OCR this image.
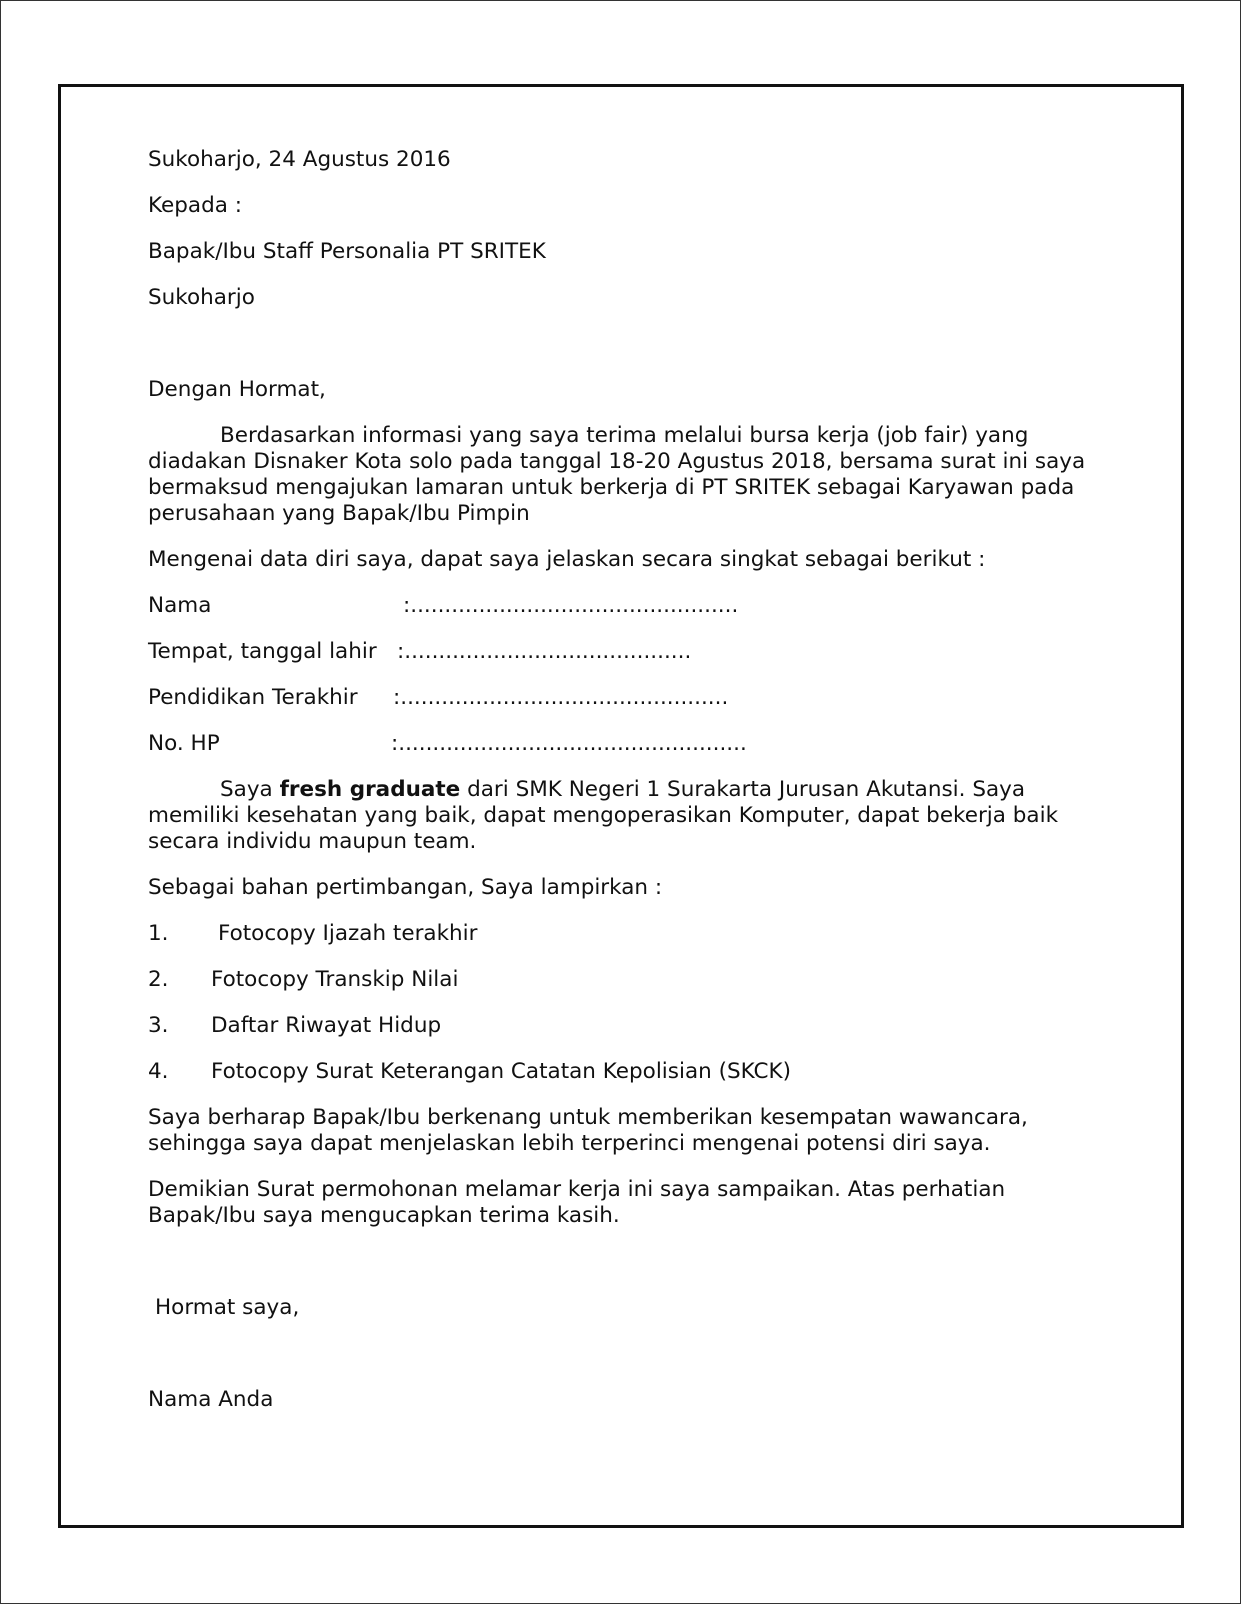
Sukoharjo, 24 Agustus 2016
Kepada :
Bapak/Ibu Staff Personalia PT SRITEK
Sukoharjo
Dengan Hormat,

Berdasarkan informasi yang saya terima melalui bursa kerja (job fair) yang diadakan Disnaker Kota solo pada tanggal 18-20 Agustus 2018, bersama surat ini saya bermaksud mengajukan lamaran untuk berkerja di PT SRITEK sebagai Karyawan pada perusahaan yang Bapak/Ibu Pimpin

Mengenai data diri saya, dapat saya jelaskan secara singkat sebagai berikut :
Nama	:................................................
Tempat, tanggal lahir :..........................................
Pendidikan Terakhir :................................................
No. HP	:...................................................

Saya fresh graduate dari SMK Negeri 1 Surakarta Jurusan Akutansi. Saya memiliki kesehatan yang baik, dapat mengoperasikan Komputer, dapat bekerja baik secara individu maupun team.

Sebagai bahan pertimbangan, Saya lampirkan :
1. Fotocopy Ijazah terakhir
2. Fotocopy Transkip Nilai
3. Daftar Riwayat Hidup
4. Fotocopy Surat Keterangan Catatan Kepolisian (SKCK)

Saya berharap Bapak/Ibu berkenang untuk memberikan kesempatan wawancara, sehingga saya dapat menjelaskan lebih terperinci mengenai potensi diri saya.

Demikian Surat permohonan melamar kerja ini saya sampaikan. Atas perhatian Bapak/Ibu saya mengucapkan terima kasih.

Hormat saya,
Nama Anda
